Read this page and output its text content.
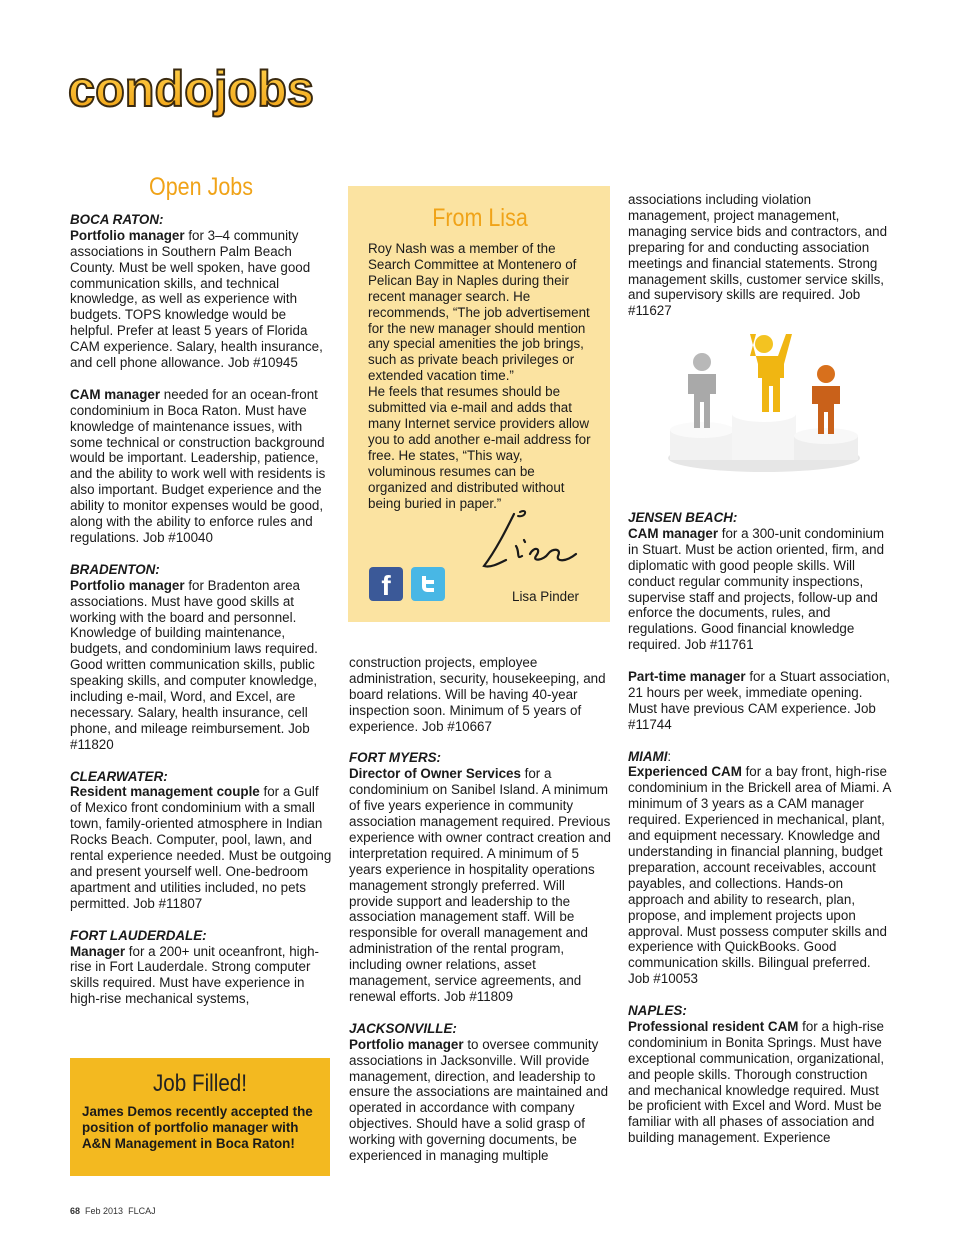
condojobs
Open Jobs
BOCA RATON:

Portfolio manager for 3–4 community associations in Southern Palm Beach County. Must be well spoken, have good communication skills, and technical knowledge, as well as experience with budgets. TOPS knowledge would be helpful. Prefer at least 5 years of Florida CAM experience. Salary, health insurance, and cell phone allowance. Job #10945

CAM manager needed for an ocean-front condominium in Boca Raton. Must have knowledge of maintenance issues, with some technical or construction background would be important. Leadership, patience, and the ability to work well with residents is also important. Budget experience and the ability to monitor expenses would be good, along with the ability to enforce rules and regulations. Job #10040

BRADENTON:

Portfolio manager for Bradenton area associations. Must have good skills at working with the board and personnel. Knowledge of building maintenance, budgets, and condominium laws required. Good written communication skills, public speaking skills, and computer knowledge, including e-mail, Word, and Excel, are necessary. Salary, health insurance, cell phone, and mileage reimbursement. Job #11820

CLEARWATER:

Resident management couple for a Gulf of Mexico front condominium with a small town, family-oriented atmosphere in Indian Rocks Beach. Computer, pool, lawn, and rental experience needed. Must be outgoing and present yourself well. One-bedroom apartment and utilities included, no pets permitted. Job #11807

FORT LAUDERDALE:

Manager for a 200+ unit oceanfront, high-rise in Fort Lauderdale. Strong computer skills required. Must have experience in high-rise mechanical systems,

Job Filled!

James Demos recently accepted the position of portfolio manager with A&N Management in Boca Raton!

From Lisa

Roy Nash was a member of the Search Committee at Montenero of Pelican Bay in Naples during their recent manager search. He recommends, “The job advertisement for the new manager should mention any special amenities the job brings, such as private beach privileges or extended vacation time.”

He feels that resumes should be submitted via e-mail and adds that many Internet service providers allow you to add another e-mail address for free. He states, “This way, voluminous resumes can be organized and distributed without being buried in paper.”

f	Lisa Pinder

construction projects, employee administration, security, housekeeping, and board relations. Will be having 40-year inspection soon. Minimum of 5 years of experience. Job #10667

FORT MYERS:

Director of Owner Services for a condominium on Sanibel Island. A minimum of five years experience in community association management required. Previous experience with owner contract creation and interpretation required. A minimum of 5 years experience in hospitality operations management strongly preferred. Will provide support and leadership to the association management staff. Will be responsible for overall management and administration of the rental program, including owner relations, asset management, service agreements, and renewal efforts. Job #11809

JACKSONVILLE:

Portfolio manager to oversee community associations in Jacksonville. Will provide management, direction, and leadership to ensure the associations are maintained and operated in accordance with company objectives. Should have a solid grasp of working with governing documents, be experienced in managing multiple

associations including violation management, project management, managing service bids and contractors, and preparing for and conducting association meetings and financial statements. Strong management skills, customer service skills, and supervisory skills are required. Job #11627

JENSEN BEACH:

CAM manager for a 300-unit condominium in Stuart. Must be action oriented, firm, and diplomatic with good people skills. Will conduct regular community inspections, supervise staff and projects, follow-up and enforce the documents, rules, and regulations. Good financial knowledge required. Job #11761

Part-time manager for a Stuart association, 21 hours per week, immediate opening. Must have previous CAM experience. Job #11744

MIAMI:

Experienced CAM for a bay front, high-rise condominium in the Brickell area of Miami. A minimum of 3 years as a CAM manager required. Experienced in mechanical, plant, and equipment necessary. Knowledge and understanding in financial planning, budget preparation, account receivables, account payables, and collections. Hands-on approach and ability to research, plan, propose, and implement projects upon approval. Must possess computer skills and experience with QuickBooks. Good communication skills. Bilingual preferred. Job #10053

NAPLES:

Professional resident CAM for a high-rise condominium in Bonita Springs. Must have exceptional communication, organizational, and people skills. Thorough construction and mechanical knowledge required. Must be proficient with Excel and Word. Must be familiar with all phases of association and building management. Experience

68 Feb 2013 FLCAJ
